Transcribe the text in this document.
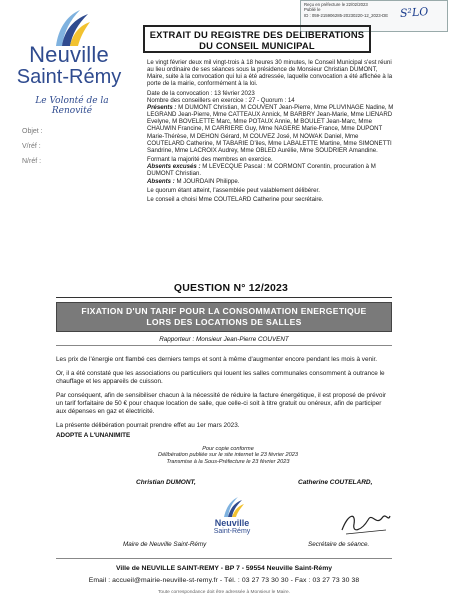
Reçu en préfecture le 22/02/2023
Publié le
ID : 059-215906285-20230220-12_2023-DE	S²LO
Neuville
Saint-Rémy
Le Volonté de la Renovité
Objet :
V/réf :
N/réf :
EXTRAIT DU REGISTRE DES DELIBERATIONS
DU CONSEIL MUNICIPAL

Le vingt février deux mil vingt-trois à 18 heures 30 minutes, le Conseil Municipal s'est réuni au lieu ordinaire de ses séances sous la présidence de Monsieur Christian DUMONT, Maire, suite à la convocation qui lui a été adressée, laquelle convocation a été affichée à la porte de la mairie, conformément à la loi.

Date de la convocation : 13 février 2023
Nombre des conseillers en exercice : 27 - Quorum : 14

Présents : M DUMONT Christian, M COUVENT Jean-Pierre, Mme PLUVINAGE Nadine, M LEGRAND Jean-Pierre, Mme CATTEAUX Annick, M BARBRY Jean-Marie, Mme LIENARD Evelyne, M BOVELETTE Marc, Mme POTAUX Annie, M BOULET Jean-Marc, Mme CHAUWIN Francine, M CARRIERE Guy, Mme NAGERE Marie-France, Mme DUPONT Marie-Thérèse, M DEHON Gérard, M COUVEZ José, M NOWAK Daniel, Mme COUTELARD Catherine, M TABARIE D'iles, Mme LABALETTE Martine, Mme SIMONETTI Sandrine, Mme LACROIX Audrey, Mme OBLED Aurélie, Mme SOUDRIER Amandine.

Formant la majorité des membres en exercice.
Absents excusés : M LEVECQUE Pascal : M CORMONT Corentin, procuration à M DUMONT Christian.

Absents : M JOURDAIN Philippe.

Le quorum étant atteint, l'assemblée peut valablement délibérer.

Le conseil a choisi Mme COUTELARD Catherine pour secrétaire.

QUESTION N° 12/2023
FIXATION D'UN TARIF POUR LA CONSOMMATION ENERGETIQUE
LORS DES LOCATIONS DE SALLES
Rapporteur : Monsieur Jean-Pierre COUVENT

Les prix de l'énergie ont flambé ces derniers temps et sont à même d'augmenter encore pendant les mois à venir.

Or, il a été constaté que les associations ou particuliers qui louent les salles communales consomment à outrance le chauffage et les appareils de cuisson.

Par conséquent, afin de sensibiliser chacun à la nécessité de réduire la facture énergétique, il est proposé de prévoir un tarif forfaitaire de 50 € pour chaque location de salle, que celle-ci soit à titre gratuit ou onéreux, afin de participer aux dépenses en gaz et électricité.

La présente délibération pourrait prendre effet au 1er mars 2023.

ADOPTE A L'UNANIMITE
Pour copie conforme
Délibération publiée sur le site internet le 23 février 2023
Transmise à la Sous-Préfecture le 23 février 2023
Christian DUMONT,	Catherine COUTELARD,
Neuville
Saint-Rémy
Maire de Neuville Saint-Rémy	Secrétaire de séance.
Ville de NEUVILLE SAINT-REMY - BP 7 - 59554 Neuville Saint-Rémy
Email : accueil@mairie-neuville-st-remy.fr - Tél. : 03 27 73 30 30 - Fax : 03 27 73 30 38
Toute correspondance doit être adressée à Monsieur le Maire.
